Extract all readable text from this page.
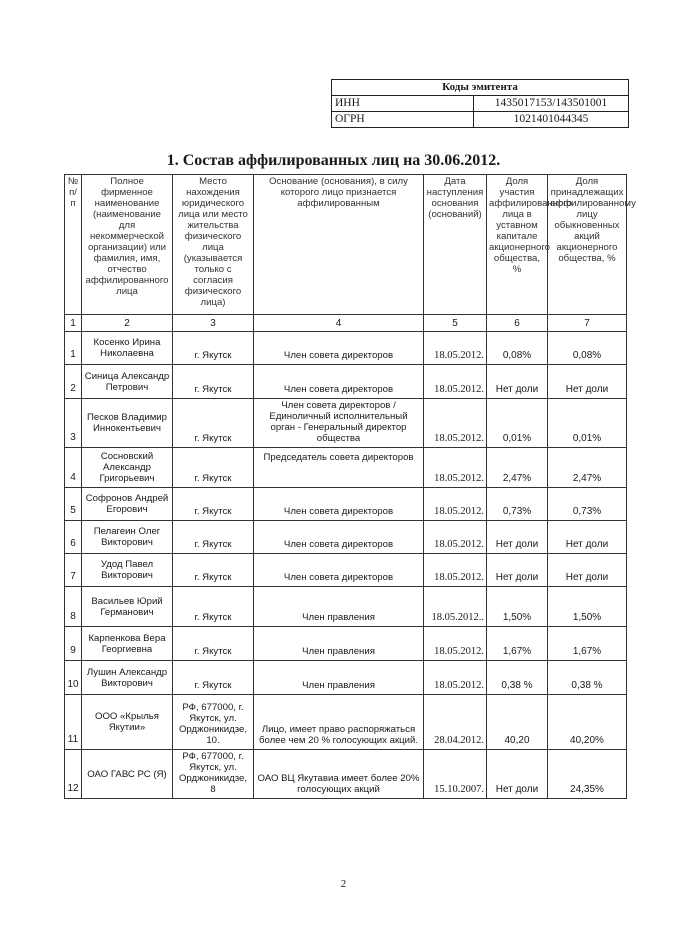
Коды эмитента	
ИНН	1435017153/143501001
ОГРН	1021401044345
1. Состав аффилированных лиц на 30.06.2012.
№ п/п	Полное фирменное наименование (наименование для некоммерческой организации) или фамилия, имя, отчество аффилированного лица	Место нахождения юридического лица или место жительства физического лица (указывается только с согласия физического лица)	Основание (основания), в силу которого лицо признается аффилированным	Дата наступления основания (оснований)	Доля участия аффилированного лица в уставном капитале акционерного общества, %	Доля принадлежащих аффилированному лицу обыкновенных акций акционерного общества, %
1	2	3	4	5	6	7
1	Косенко Ирина Николаевна	г. Якутск	Член совета директоров	18.05.2012.	0,08%	0,08%
2	Синица Александр Петрович	г. Якутск	Член совета директоров	18.05.2012.	Нет доли	Нет доли
3	Песков Владимир Иннокентьевич	г. Якутск	Член совета директоров / Единоличный исполнительный орган - Генеральный директор общества	18.05.2012.	0,01%	0,01%
4	Сосновский Александр Григорьевич	г. Якутск	Председатель совета директоров	18.05.2012.	2,47%	2,47%
5	Софронов Андрей Егорович	г. Якутск	Член совета директоров	18.05.2012.	0,73%	0,73%
6	Пелагеин Олег Викторович	г. Якутск	Член совета директоров	18.05.2012.	Нет доли	Нет доли
7	Удод Павел Викторович	г. Якутск	Член совета директоров	18.05.2012.	Нет доли	Нет доли
8	Васильев Юрий Германович	г. Якутск	Член правления	18.05.2012..	1,50%	1,50%
9	Карпенкова Вера Георгиевна	г. Якутск	Член правления	18.05.2012.	1,67%	1,67%
10	Лушин Александр Викторович	г. Якутск	Член правления	18.05.2012.	0,38 %	0,38 %
11	ООО «Крылья Якутии»	РФ, 677000, г. Якутск, ул. Орджоникидзе, 10.	Лицо, имеет право распоряжаться более чем 20 % голосующих акций.	28.04.2012.	40,20	40,20%
12	ОАО ГАВС РС (Я)	РФ, 677000, г. Якутск, ул. Орджоникидзе, 8	ОАО ВЦ Якутавиа имеет более 20% голосующих акций	15.10.2007.	Нет доли	24,35%
2
